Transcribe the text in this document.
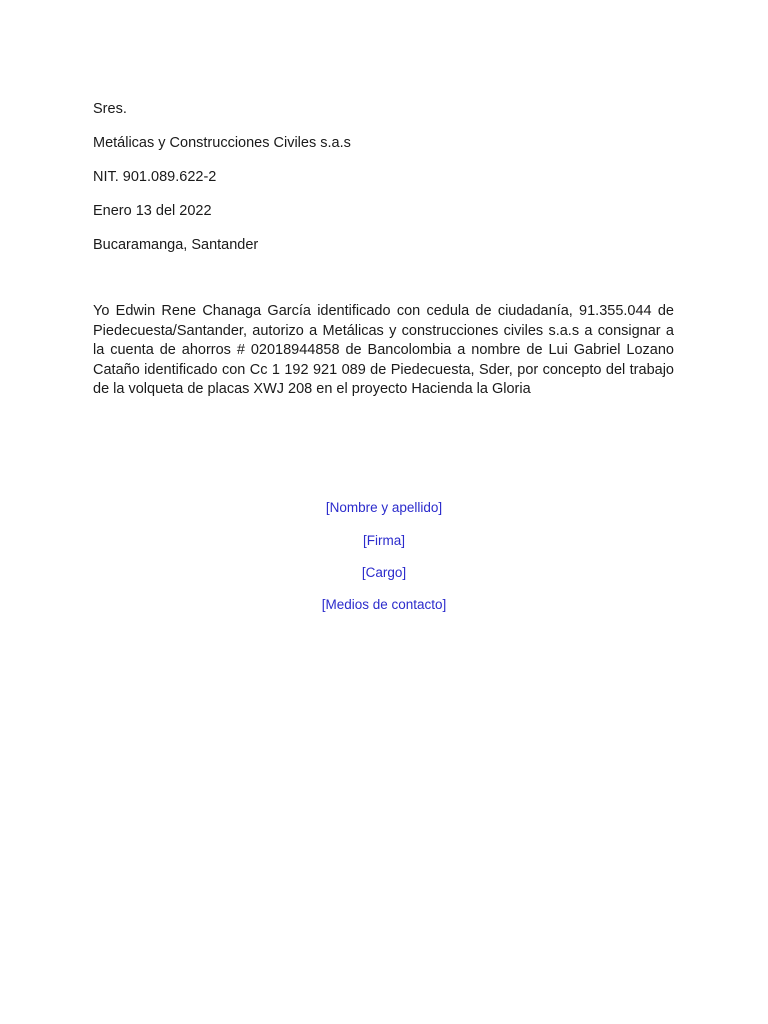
Sres.

Metálicas y Construcciones Civiles s.a.s

NIT. 901.089.622-2

Enero 13 del 2022

Bucaramanga, Santander

Yo Edwin Rene Chanaga García identificado con cedula de ciudadanía, 91.355.044 de Piedecuesta/Santander, autorizo a Metálicas y construcciones civiles s.a.s a consignar a la cuenta de ahorros # 02018944858 de Bancolombia a nombre de Lui Gabriel Lozano Cataño identificado con Cc 1 192 921 089 de Piedecuesta, Sder, por concepto del trabajo de la volqueta de placas XWJ 208 en el proyecto Hacienda la Gloria

[Nombre y apellido]

[Firma]

[Cargo]

[Medios de contacto]
